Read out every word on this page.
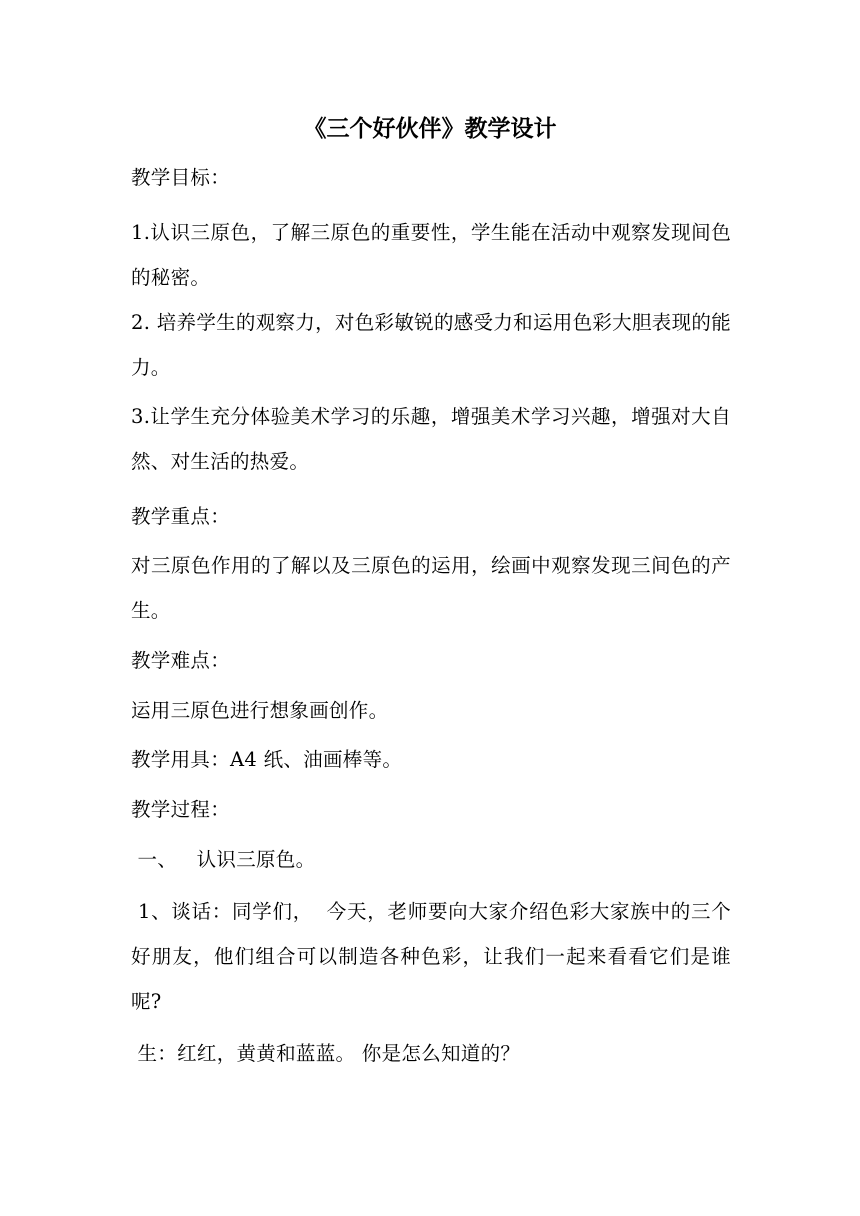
《三个好伙伴》教学设计
教学目标：
1.认识三原色，了解三原色的重要性，学生能在活动中观察发现间色的秘密。
2. 培养学生的观察力，对色彩敏锐的感受力和运用色彩大胆表现的能力。
3.让学生充分体验美术学习的乐趣，增强美术学习兴趣，增强对大自然、对生活的热爱。
教学重点：
对三原色作用的了解以及三原色的运用，绘画中观察发现三间色的产生。
教学难点：
运用三原色进行想象画创作。
教学用具：A4 纸、油画棒等。
教学过程：
一、   认识三原色。
1、谈话：同学们，  今天，老师要向大家介绍色彩大家族中的三个好朋友，他们组合可以制造各种色彩，让我们一起来看看它们是谁呢?
生：红红，黄黄和蓝蓝。 你是怎么知道的？
